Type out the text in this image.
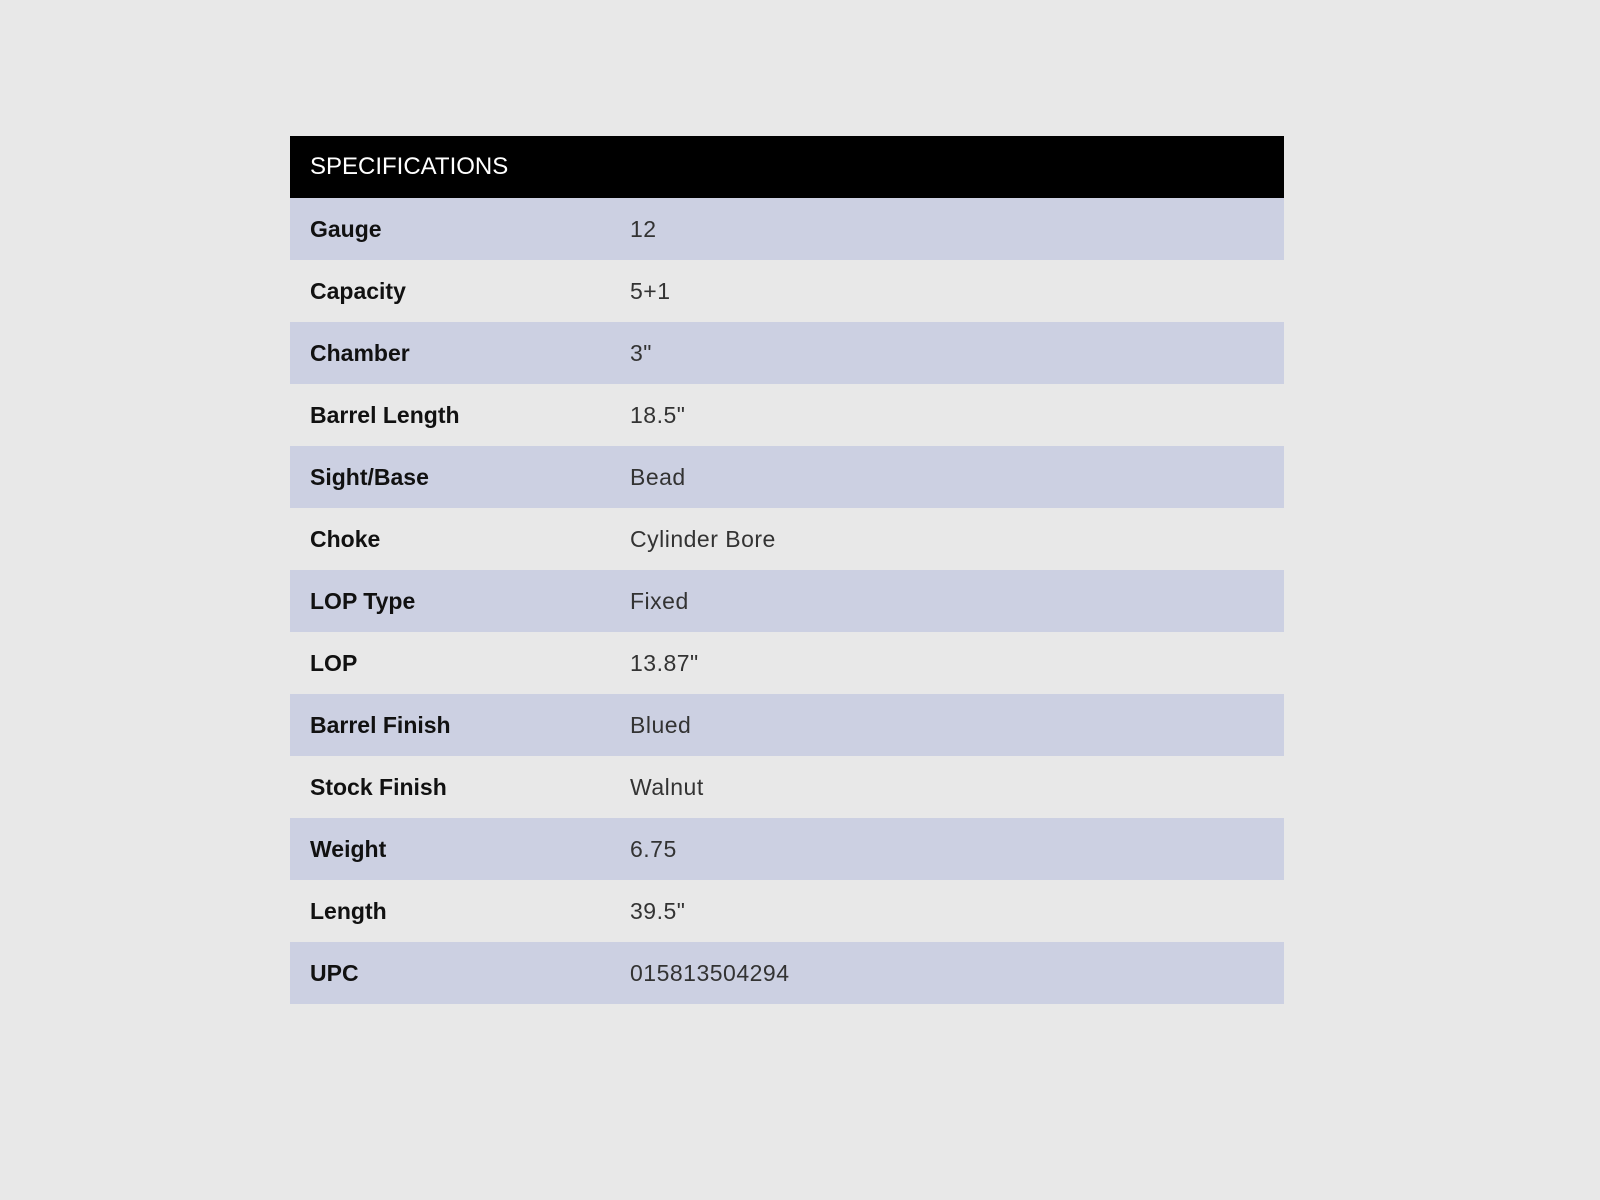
SPECIFICATIONS
Gauge	12
Capacity	5+1
Chamber	3"
Barrel Length	18.5"
Sight/Base	Bead
Choke	Cylinder Bore
LOP Type	Fixed
LOP	13.87"
Barrel Finish	Blued
Stock Finish	Walnut
Weight	6.75
Length	39.5"
UPC	015813504294
